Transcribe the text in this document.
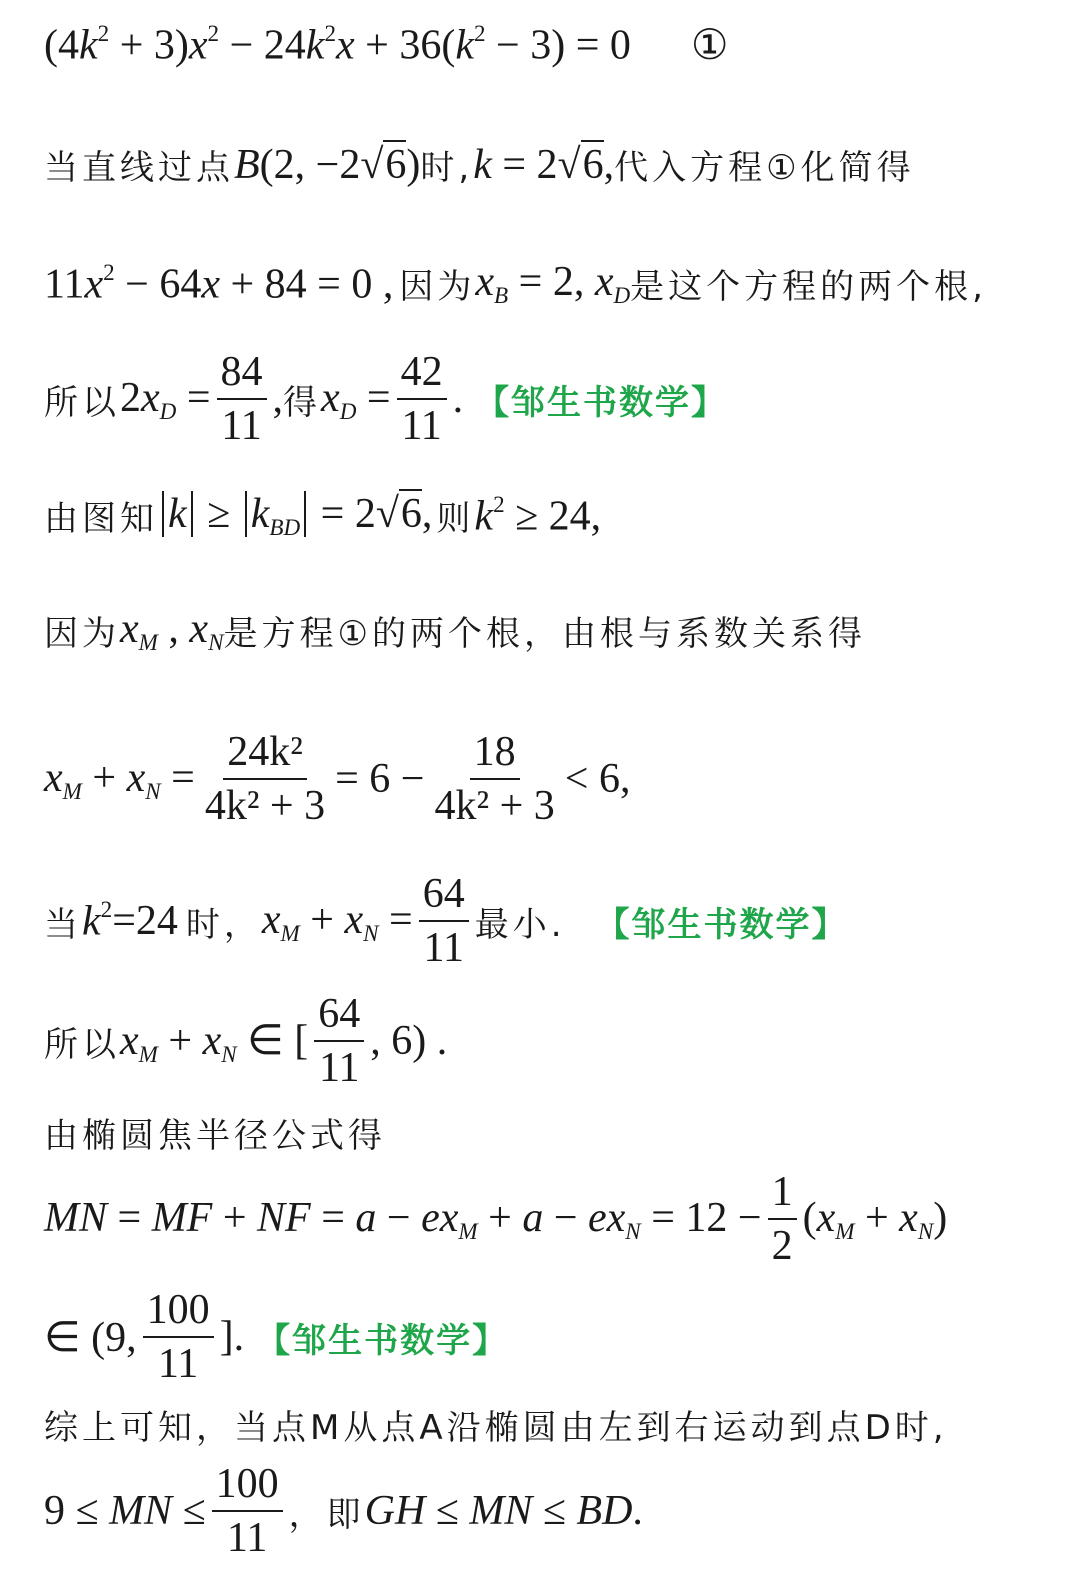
$(4k^2 + 3)x^2 - 24k^2x + 36(k^2 - 3) = 0$ ①
当直线过点 B(2, −2√6) 时, k = 2√6, 代入方程①化简得
$11x^2 - 64x + 84 = 0$ , 因为 $x_B = 2$, $x_D$ 是这个方程的两个根,
所以 $2x_D = \frac{84}{11}$ , 得 $x_D = \frac{42}{11}$ . 【邹生书数学】
由图知 $k \ge k_{BD} = 2√6$, 则 $k^2 \ge 24$,
因为 $x_M$ , $x_N$ 是方程①的两个根，由根与系数关系得
$x_M + x_N = \frac{\text{24k²}}{\text{4k² + 3}} = 6 - \frac{18}{\text{4k² + 3}} < 6$,
当 $k^2 =24$ 时， $x_M + x_N = \frac{64}{11}$ 最小. 【邹生书数学】
所以 $x_M + x_N$ ∈ [ $\frac{64}{11}$ , 6) .
由椭圆焦半径公式得
MN = MF + NF = $a - ex_M + a - ex_N = 12 - \frac{1}{2} (x_M + x_N)$
∈ (9, $\frac{100}{11}$ ]. 【邹生书数学】
综上可知，当点M从点A沿椭圆由左到右运动到点D时,
9 ≤ MN ≤ $\frac{100}{11}$ ，即 GH ≤ MN ≤ BD.
